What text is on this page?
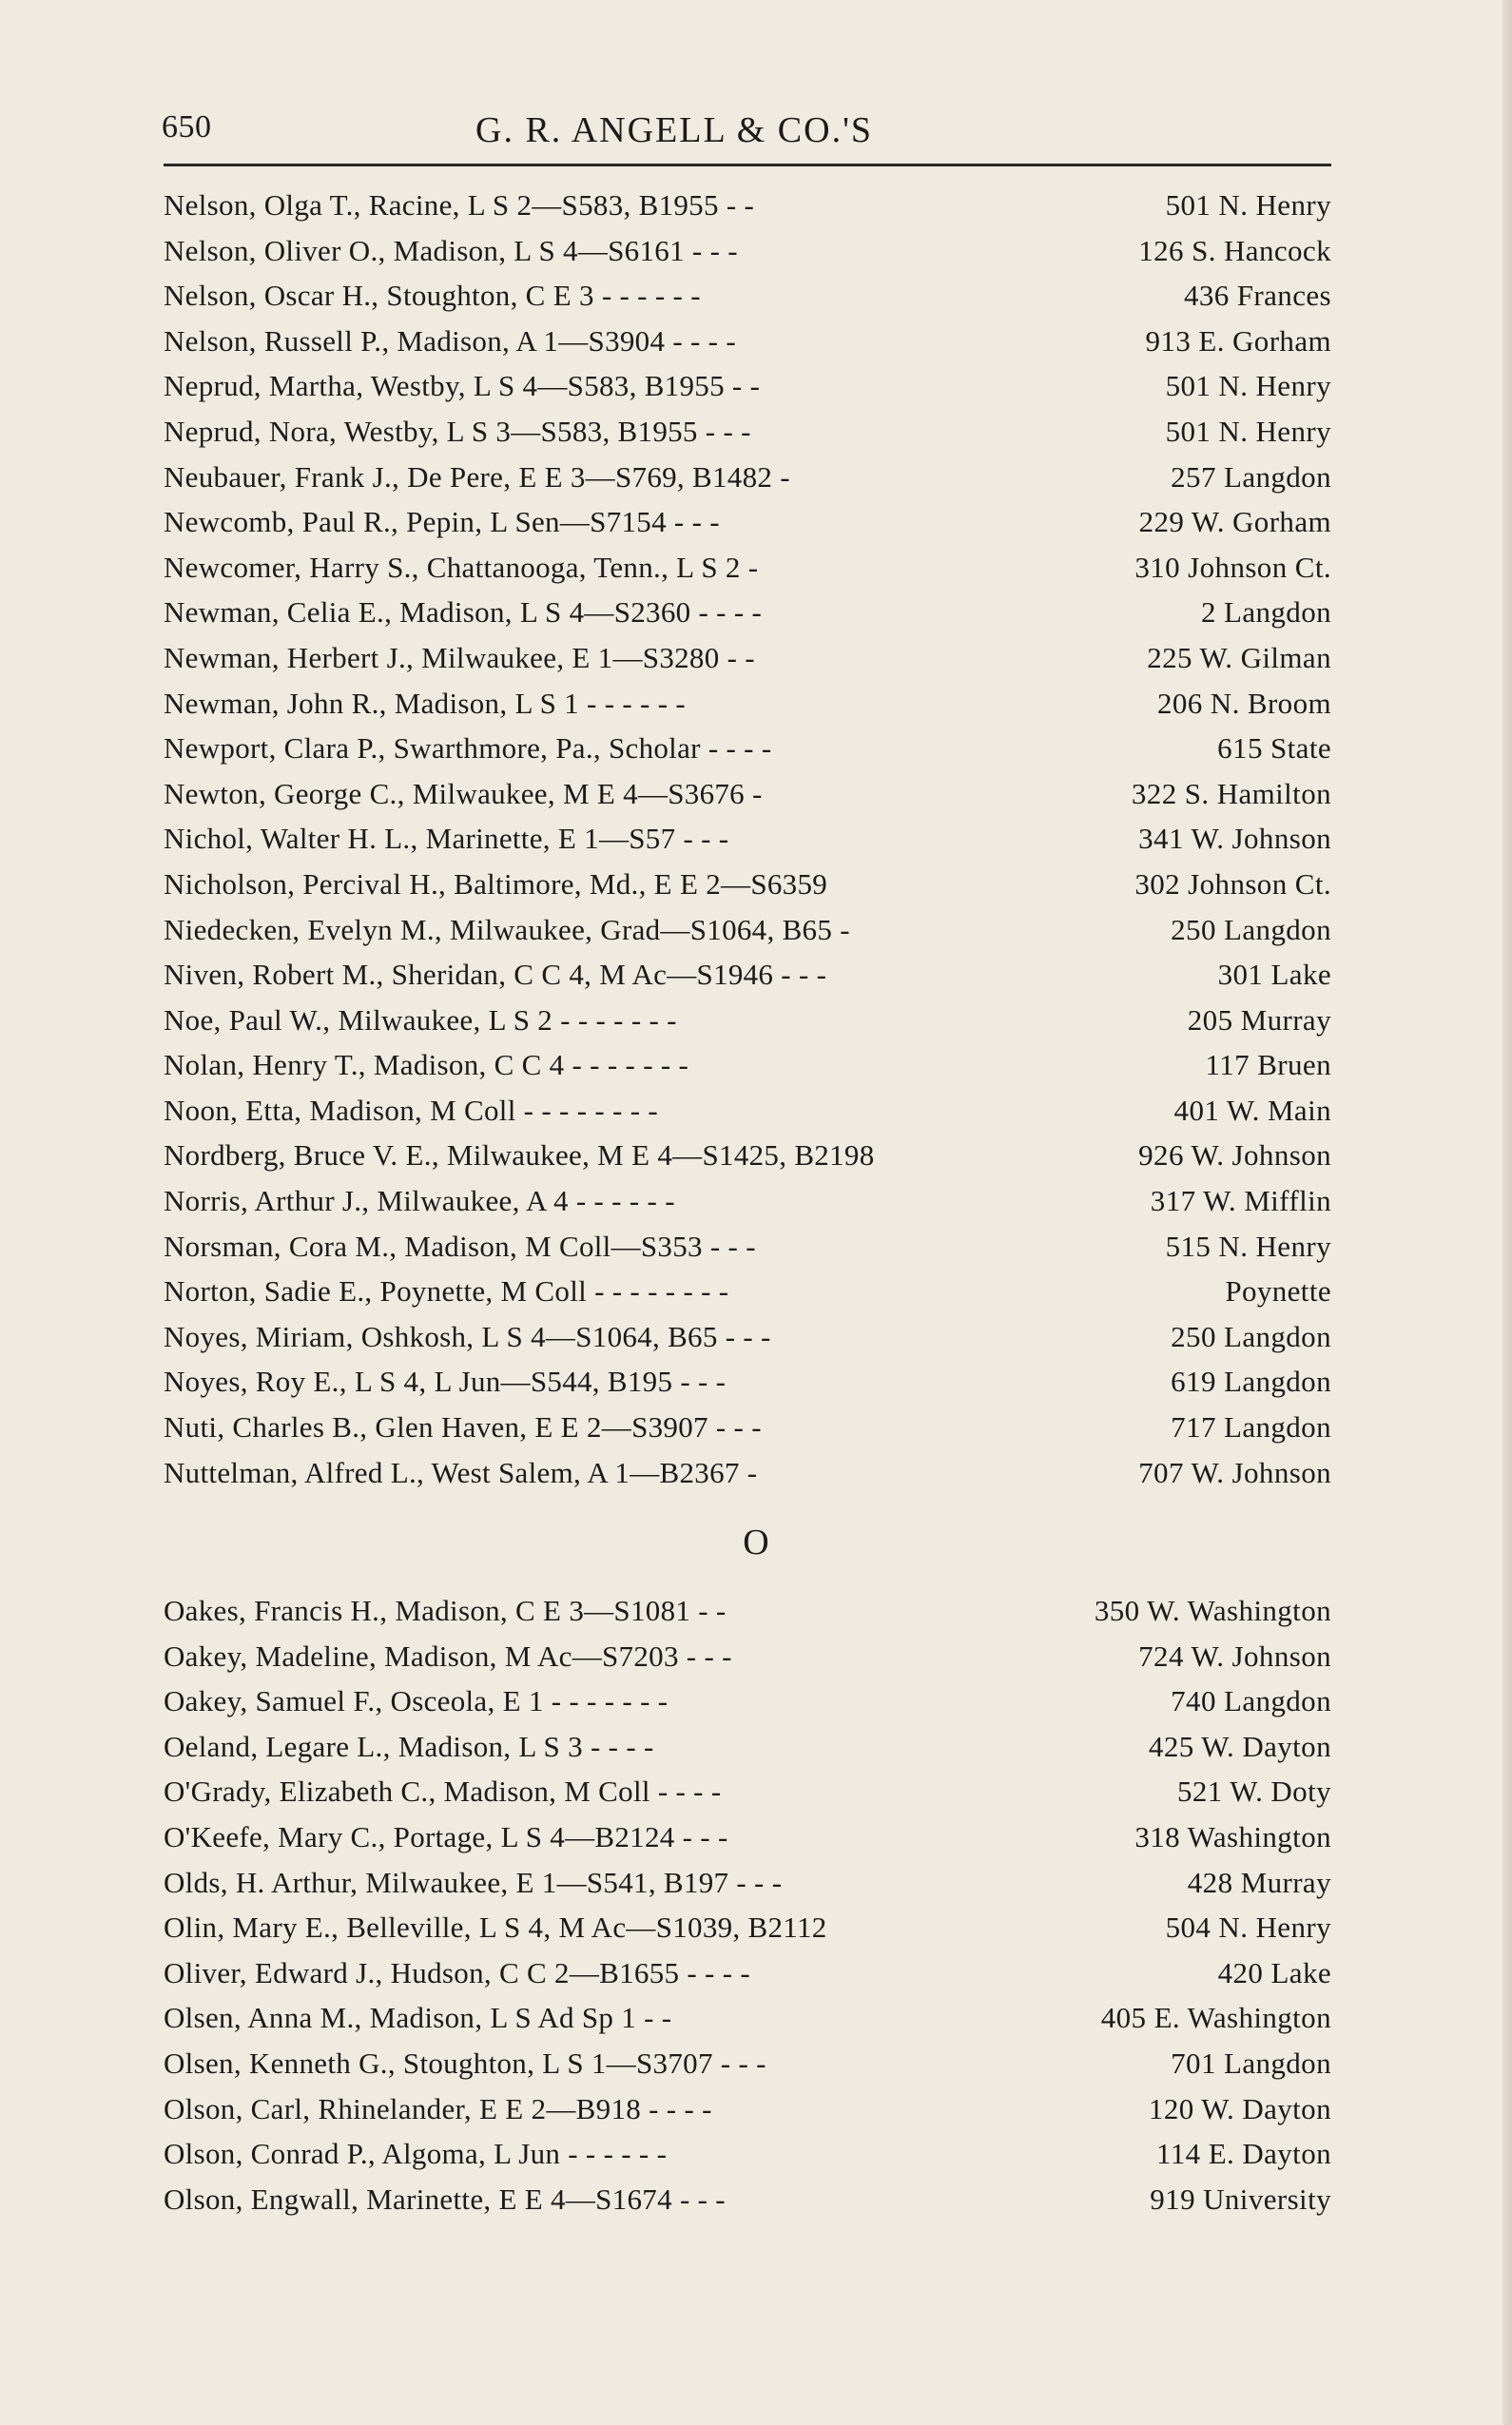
650	G. R. ANGELL & CO.'S
Nelson, Olga T., Racine, L S 2—S583, B1955 - -	501 N. Henry
Nelson, Oliver O., Madison, L S 4—S6161 - - -	126 S. Hancock
Nelson, Oscar H., Stoughton, C E 3 - - - - - -	436 Frances
Nelson, Russell P., Madison, A 1—S3904 - - - -	913 E. Gorham
Neprud, Martha, Westby, L S 4—S583, B1955 - -	501 N. Henry
Neprud, Nora, Westby, L S 3—S583, B1955 - - -	501 N. Henry
Neubauer, Frank J., De Pere, E E 3—S769, B1482 -	257 Langdon
Newcomb, Paul R., Pepin, L Sen—S7154 - - -	229 W. Gorham
Newcomer, Harry S., Chattanooga, Tenn., L S 2 -	310 Johnson Ct.
Newman, Celia E., Madison, L S 4—S2360 - - - -	2 Langdon
Newman, Herbert J., Milwaukee, E 1—S3280 - -	225 W. Gilman
Newman, John R., Madison, L S 1 - - - - - -	206 N. Broom
Newport, Clara P., Swarthmore, Pa., Scholar - - - -	615 State
Newton, George C., Milwaukee, M E 4—S3676 -	322 S. Hamilton
Nichol, Walter H. L., Marinette, E 1—S57 - - -	341 W. Johnson
Nicholson, Percival H., Baltimore, Md., E E 2—S6359	302 Johnson Ct.
Niedecken, Evelyn M., Milwaukee, Grad—S1064, B65 -	250 Langdon
Niven, Robert M., Sheridan, C C 4, M Ac—S1946 - - -	301 Lake
Noe, Paul W., Milwaukee, L S 2 - - - - - - -	205 Murray
Nolan, Henry T., Madison, C C 4 - - - - - - -	117 Bruen
Noon, Etta, Madison, M Coll - - - - - - - -	401 W. Main
Nordberg, Bruce V. E., Milwaukee, M E 4—S1425, B2198	926 W. Johnson
Norris, Arthur J., Milwaukee, A 4 - - - - - -	317 W. Mifflin
Norsman, Cora M., Madison, M Coll—S353 - - -	515 N. Henry
Norton, Sadie E., Poynette, M Coll - - - - - - - -	Poynette
Noyes, Miriam, Oshkosh, L S 4—S1064, B65 - - -	250 Langdon
Noyes, Roy E., L S 4, L Jun—S544, B195 - - -	619 Langdon
Nuti, Charles B., Glen Haven, E E 2—S3907 - - -	717 Langdon
Nuttelman, Alfred L., West Salem, A 1—B2367 -	707 W. Johnson
O
Oakes, Francis H., Madison, C E 3—S1081 - -	350 W. Washington
Oakey, Madeline, Madison, M Ac—S7203 - - -	724 W. Johnson
Oakey, Samuel F., Osceola, E 1 - - - - - - -	740 Langdon
Oeland, Legare L., Madison, L S 3 - - - -	425 W. Dayton
O'Grady, Elizabeth C., Madison, M Coll - - - -	521 W. Doty
O'Keefe, Mary C., Portage, L S 4—B2124 - - -	318 Washington
Olds, H. Arthur, Milwaukee, E 1—S541, B197 - - -	428 Murray
Olin, Mary E., Belleville, L S 4, M Ac—S1039, B2112	504 N. Henry
Oliver, Edward J., Hudson, C C 2—B1655 - - - -	420 Lake
Olsen, Anna M., Madison, L S Ad Sp 1 - -	405 E. Washington
Olsen, Kenneth G., Stoughton, L S 1—S3707 - - -	701 Langdon
Olson, Carl, Rhinelander, E E 2—B918 - - - -	120 W. Dayton
Olson, Conrad P., Algoma, L Jun - - - - - -	114 E. Dayton
Olson, Engwall, Marinette, E E 4—S1674 - - -	919 University
